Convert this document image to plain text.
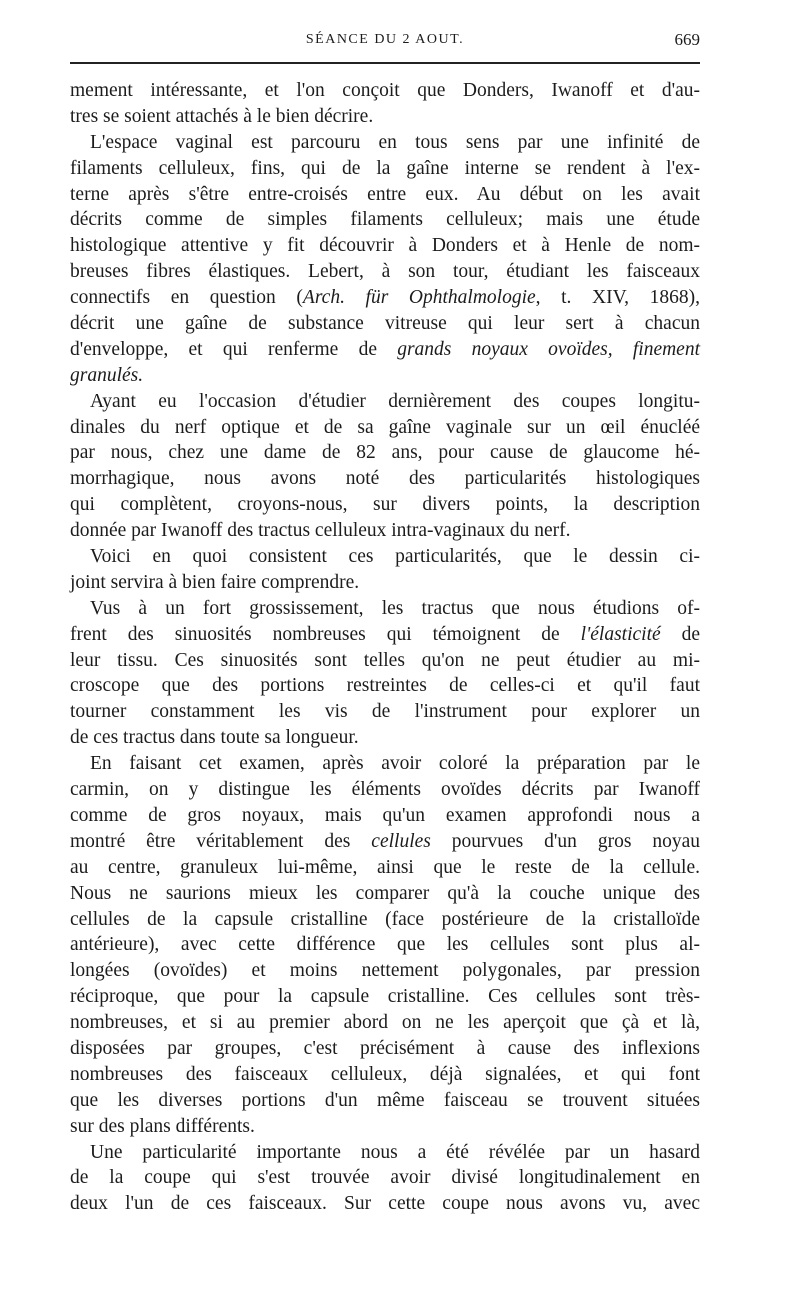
SÉANCE DU 2 AOUT.	669
mement intéressante, et l'on conçoit que Donders, Iwanoff et d'au-
tres se soient attachés à le bien décrire.
L'espace vaginal est parcouru en tous sens par une infinité de
filaments celluleux, fins, qui de la gaîne interne se rendent à l'ex-
terne après s'être entre-croisés entre eux. Au début on les avait
décrits comme de simples filaments celluleux; mais une étude
histologique attentive y fit découvrir à Donders et à Henle de nom-
breuses fibres élastiques. Lebert, à son tour, étudiant les faisceaux
connectifs en question (Arch. für Ophthalmologie, t. XIV, 1868),
décrit une gaîne de substance vitreuse qui leur sert à chacun
d'enveloppe, et qui renferme de grands noyaux ovoïdes, finement
granulés.
Ayant eu l'occasion d'étudier dernièrement des coupes longitu-
dinales du nerf optique et de sa gaîne vaginale sur un œil énucléé
par nous, chez une dame de 82 ans, pour cause de glaucome hé-
morrhagique, nous avons noté des particularités histologiques
qui complètent, croyons-nous, sur divers points, la description
donnée par Iwanoff des tractus celluleux intra-vaginaux du nerf.
Voici en quoi consistent ces particularités, que le dessin ci-
joint servira à bien faire comprendre.
Vus à un fort grossissement, les tractus que nous étudions of-
frent des sinuosités nombreuses qui témoignent de l'élasticité de
leur tissu. Ces sinuosités sont telles qu'on ne peut étudier au mi-
croscope que des portions restreintes de celles-ci et qu'il faut
tourner constamment les vis de l'instrument pour explorer un
de ces tractus dans toute sa longueur.
En faisant cet examen, après avoir coloré la préparation par le
carmin, on y distingue les éléments ovoïdes décrits par Iwanoff
comme de gros noyaux, mais qu'un examen approfondi nous a
montré être véritablement des cellules pourvues d'un gros noyau
au centre, granuleux lui-même, ainsi que le reste de la cellule.
Nous ne saurions mieux les comparer qu'à la couche unique des
cellules de la capsule cristalline (face postérieure de la cristalloïde
antérieure), avec cette différence que les cellules sont plus al-
longées (ovoïdes) et moins nettement polygonales, par pression
réciproque, que pour la capsule cristalline. Ces cellules sont très-
nombreuses, et si au premier abord on ne les aperçoit que çà et là,
disposées par groupes, c'est précisément à cause des inflexions
nombreuses des faisceaux celluleux, déjà signalées, et qui font
que les diverses portions d'un même faisceau se trouvent situées
sur des plans différents.
Une particularité importante nous a été révélée par un hasard
de la coupe qui s'est trouvée avoir divisé longitudinalement en
deux l'un de ces faisceaux. Sur cette coupe nous avons vu, avec
